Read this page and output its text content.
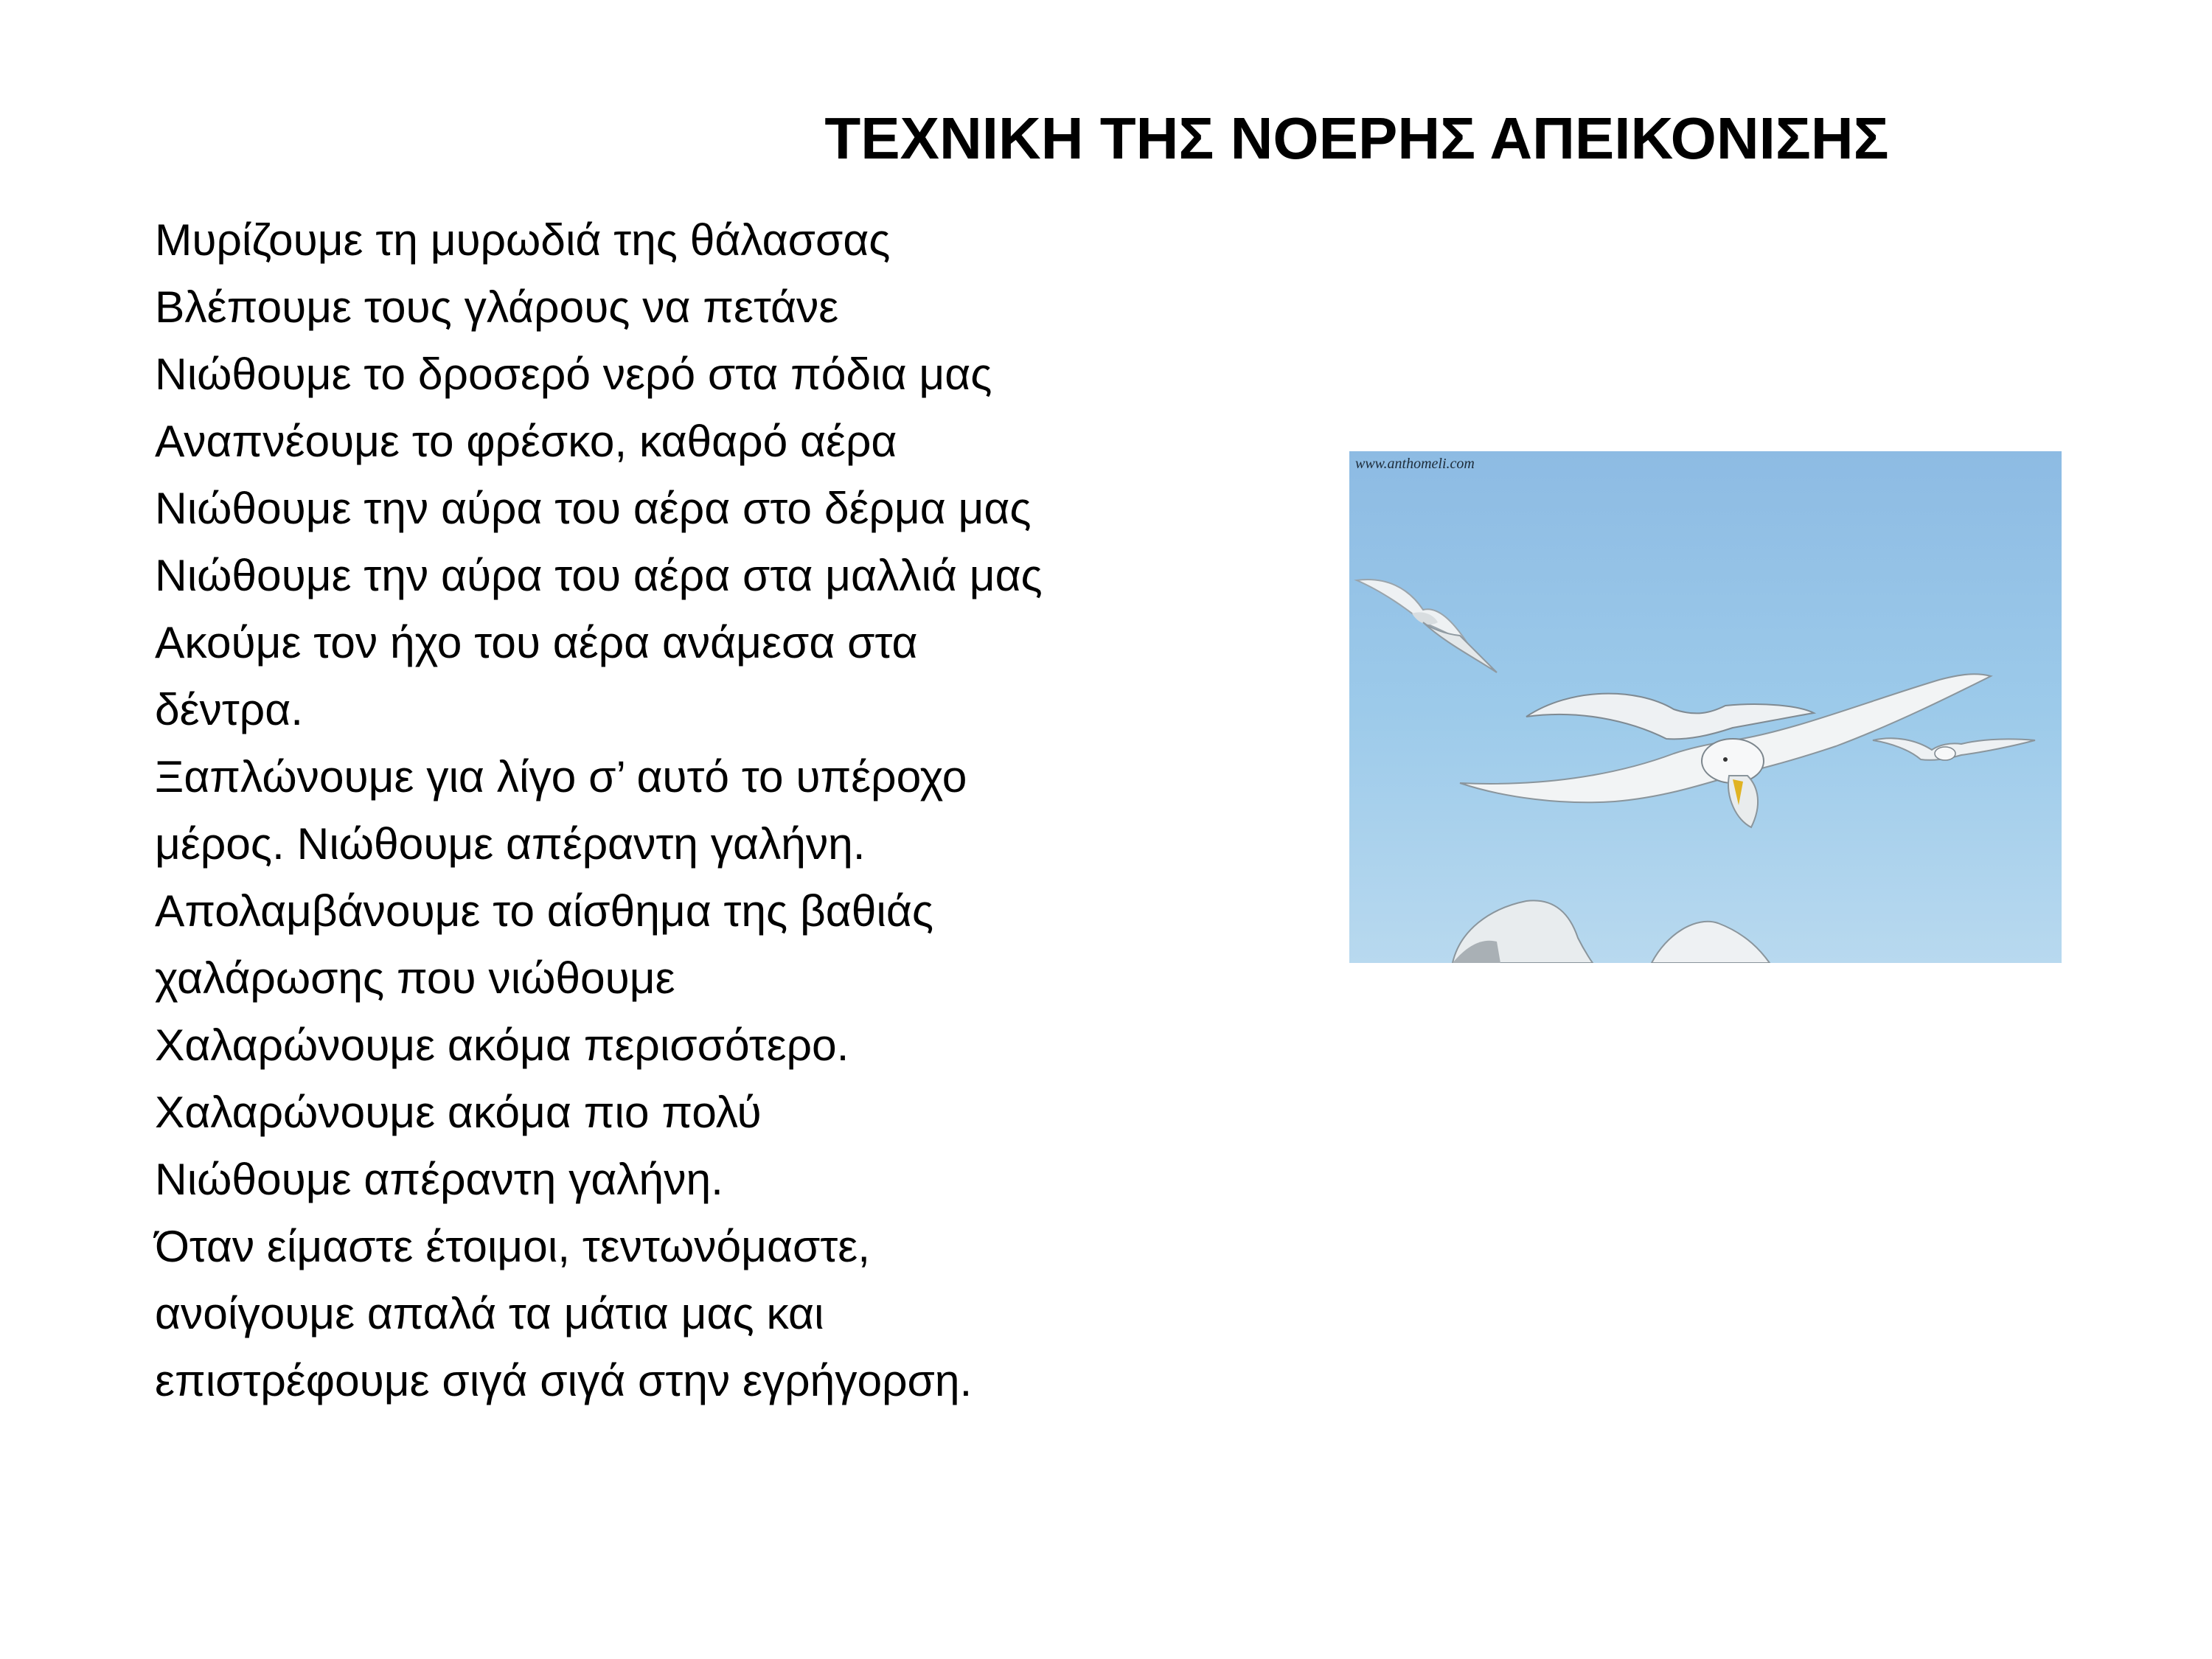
ΤΕΧΝΙΚΗ ΤΗΣ ΝΟΕΡΗΣ ΑΠΕΙΚΟΝΙΣΗΣ
Μυρίζουμε τη μυρωδιά της θάλασσας
Βλέπουμε τους γλάρους να πετάνε
Νιώθουμε το δροσερό νερό στα πόδια μας
Αναπνέουμε το φρέσκο, καθαρό αέρα
Νιώθουμε την αύρα του αέρα στο δέρμα μας
Νιώθουμε την αύρα του αέρα στα μαλλιά μας
Ακούμε τον ήχο του αέρα ανάμεσα στα
δέντρα.
Ξαπλώνουμε για λίγο σ’ αυτό το υπέροχο
μέρος. Νιώθουμε απέραντη γαλήνη.
Απολαμβάνουμε το αίσθημα της βαθιάς
χαλάρωσης που νιώθουμε
Χαλαρώνουμε ακόμα περισσότερο.
Χαλαρώνουμε ακόμα πιο πολύ
Νιώθουμε απέραντη γαλήνη.
Όταν είμαστε έτοιμοι, τεντωνόμαστε,
ανοίγουμε απαλά τα μάτια μας και
επιστρέφουμε σιγά σιγά στην εγρήγορση.
www.anthomeli.com
